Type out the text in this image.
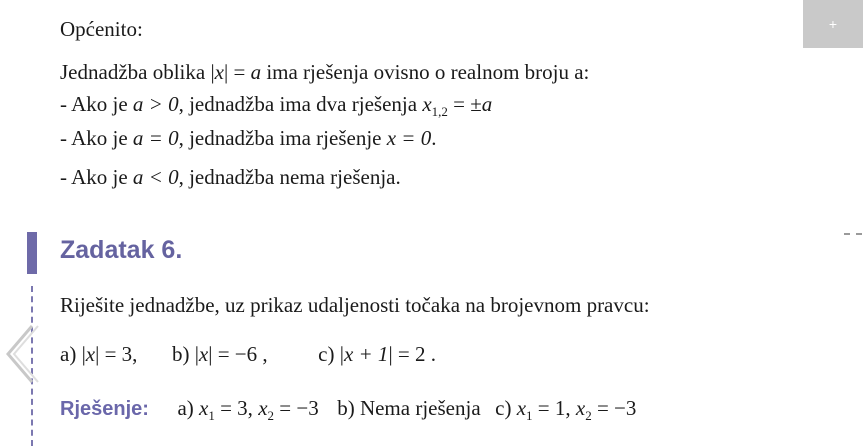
+
Općenito:
Jednadžba oblika |x| = a ima rješenja ovisno o realnom broju a:
- Ako je a > 0, jednadžba ima dva rješenja $x_{1,2} = \pm a$
- Ako je a = 0, jednadžba ima rješenje x = 0.
- Ako je a < 0, jednadžba nema rješenja.
Zadatak 6.
Riješite jednadžbe, uz prikaz udaljenosti točaka na brojevnom pravcu:
a) |x| = 3, b) |x| = −6 , c) |x + 1| = 2 .
Rješenje: a) $x_1 = 3$, $x_2 = -3$ b) Nema rješenja c) $x_1 = 1$, $x_2 = -3$
